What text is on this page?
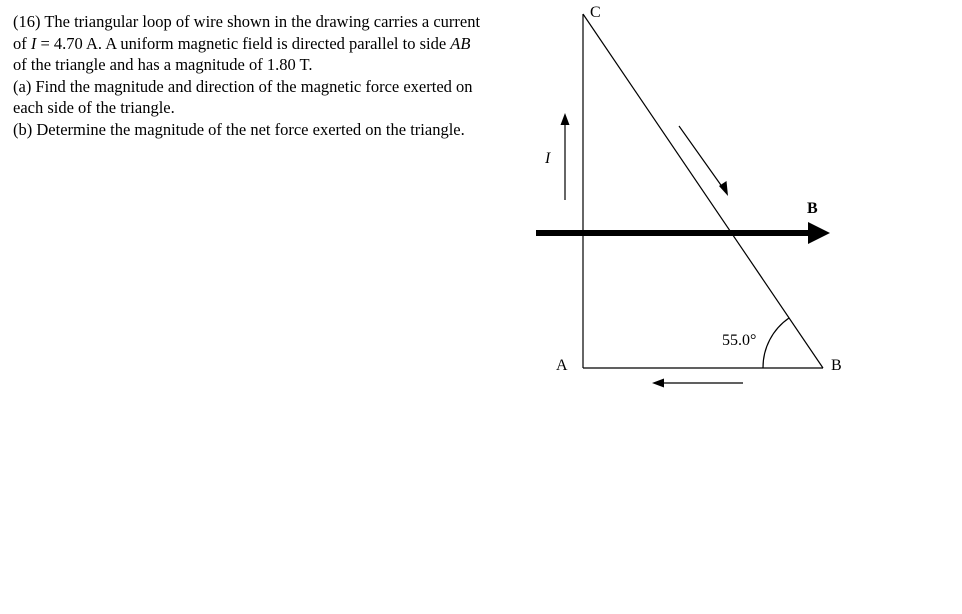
(16) The triangular loop of wire shown in the drawing carries a current
of I = 4.70 A. A uniform magnetic field is directed parallel to side AB
of the triangle and has a magnitude of 1.80 T.
(a) Find the magnitude and direction of the magnetic force exerted on
each side of the triangle.
(b) Determine the magnitude of the net force exerted on the triangle.
C
A	B
I
B
55.0°
